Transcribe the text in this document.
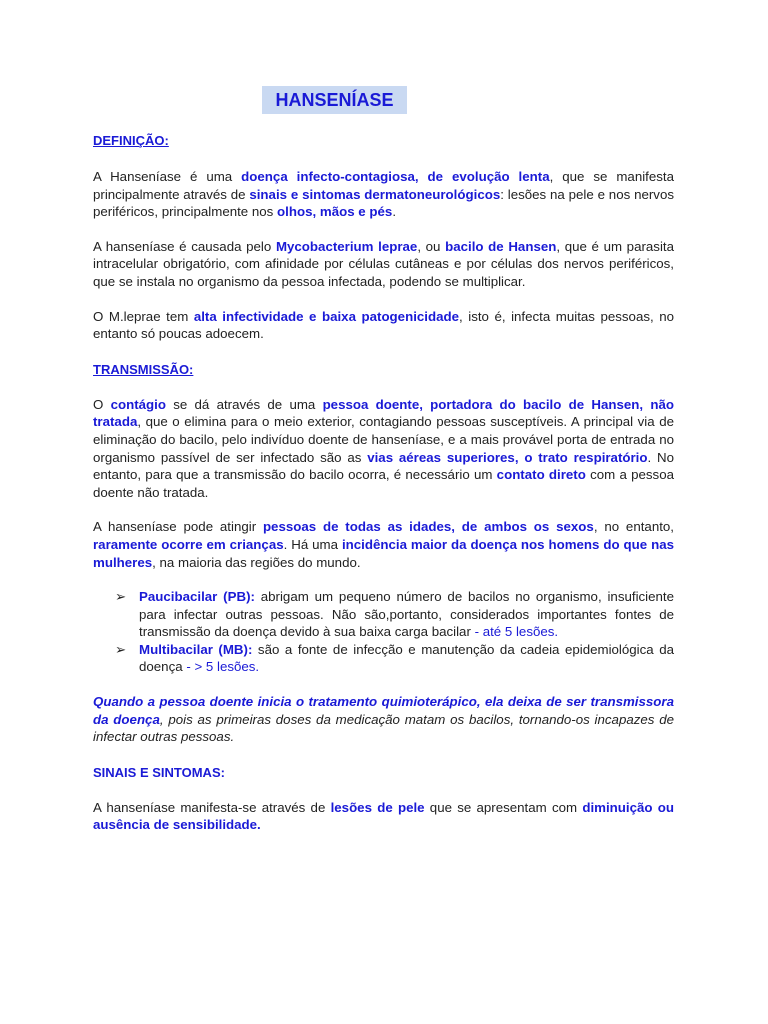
HANSENÍASE
DEFINIÇÃO:

A Hanseníase é uma doença infecto-contagiosa, de evolução lenta, que se manifesta principalmente através de sinais e sintomas dermatoneurológicos: lesões na pele e nos nervos periféricos, principalmente nos olhos, mãos e pés.

A hanseníase é causada pelo Mycobacterium leprae, ou bacilo de Hansen, que é um parasita intracelular obrigatório, com afinidade por células cutâneas e por células dos nervos periféricos, que se instala no organismo da pessoa infectada, podendo se multiplicar.

O M.leprae tem alta infectividade e baixa patogenicidade, isto é, infecta muitas pessoas, no entanto só poucas adoecem.

TRANSMISSÃO:

O contágio se dá através de uma pessoa doente, portadora do bacilo de Hansen, não tratada, que o elimina para o meio exterior, contagiando pessoas susceptíveis. A principal via de eliminação do bacilo, pelo indivíduo doente de hanseníase, e a mais provável porta de entrada no organismo passível de ser infectado são as vias aéreas superiores, o trato respiratório. No entanto, para que a transmissão do bacilo ocorra, é necessário um contato direto com a pessoa doente não tratada.

A hanseníase pode atingir pessoas de todas as idades, de ambos os sexos, no entanto, raramente ocorre em crianças. Há uma incidência maior da doença nos homens do que nas mulheres, na maioria das regiões do mundo.

➢ Paucibacilar (PB): abrigam um pequeno número de bacilos no organismo, insuficiente para infectar outras pessoas. Não são,portanto, considerados importantes fontes de transmissão da doença devido à sua baixa carga bacilar - até 5 lesões.
➢ Multibacilar (MB): são a fonte de infecção e manutenção da cadeia epidemiológica da doença - > 5 lesões.

Quando a pessoa doente inicia o tratamento quimioterápico, ela deixa de ser transmissora da doença, pois as primeiras doses da medicação matam os bacilos, tornando-os incapazes de infectar outras pessoas.

SINAIS E SINTOMAS:

A hanseníase manifesta-se através de lesões de pele que se apresentam com diminuição ou ausência de sensibilidade.
